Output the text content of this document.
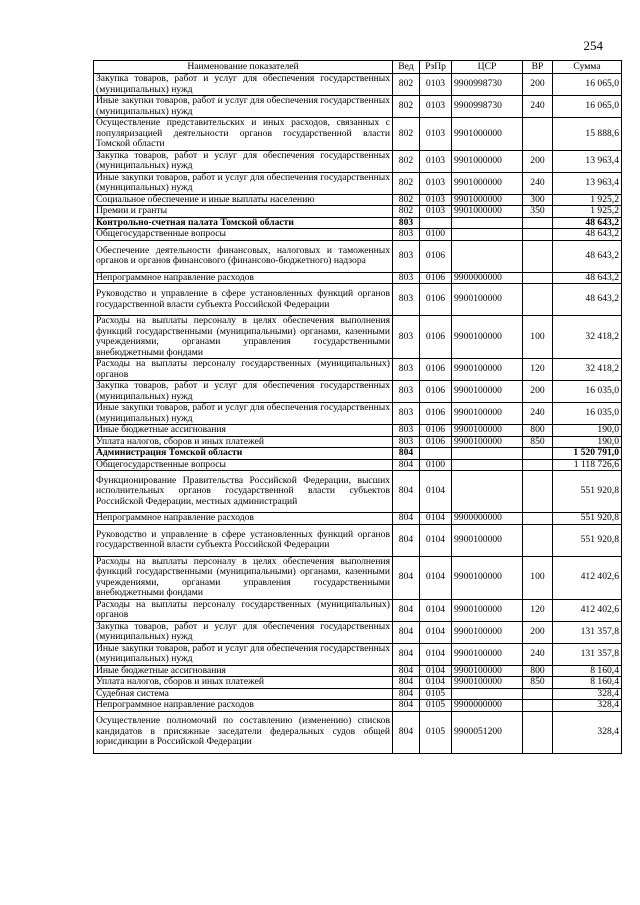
254
Наименование показателей	Вед	РзПр	ЦСР	ВР	Сумма
Закупка товаров, работ и услуг для обеспечения государственных (муниципальных) нужд	802	0103	9900998730	200	16 065,0
Иные закупки товаров, работ и услуг для обеспечения государственных (муниципальных) нужд	802	0103	9900998730	240	16 065,0
Осуществление представительских и иных расходов, связанных с популяризацией деятельности органов государственной власти Томской области	802	0103	9901000000		15 888,6
Закупка товаров, работ и услуг для обеспечения государственных (муниципальных) нужд	802	0103	9901000000	200	13 963,4
Иные закупки товаров, работ и услуг для обеспечения государственных (муниципальных) нужд	802	0103	9901000000	240	13 963,4
Социальное обеспечение и иные выплаты населению	802	0103	9901000000	300	1 925,2
Премии и гранты	802	0103	9901000000	350	1 925,2
Контрольно-счетная палата Томской области	803				48 643,2
Общегосударственные вопросы	803	0100			48 643,2
Обеспечение деятельности финансовых, налоговых и таможенных органов и органов финансового (финансово-бюджетного) надзора	803	0106			48 643,2
Непрограммное направление расходов	803	0106	9900000000		48 643,2
Руководство и управление в сфере установленных функций органов государственной власти субъекта Российской Федерации	803	0106	9900100000		48 643,2
Расходы на выплаты персоналу в целях обеспечения выполнения функций государственными (муниципальными) органами, казенными учреждениями, органами управления государственными внебюджетными фондами	803	0106	9900100000	100	32 418,2
Расходы на выплаты персоналу государственных (муниципальных) органов	803	0106	9900100000	120	32 418,2
Закупка товаров, работ и услуг для обеспечения государственных (муниципальных) нужд	803	0106	9900100000	200	16 035,0
Иные закупки товаров, работ и услуг для обеспечения государственных (муниципальных) нужд	803	0106	9900100000	240	16 035,0
Иные бюджетные ассигнования	803	0106	9900100000	800	190,0
Уплата налогов, сборов и иных платежей	803	0106	9900100000	850	190,0
Администрация Томской области	804				1 520 791,0
Общегосударственные вопросы	804	0100			1 118 726,6
Функционирование Правительства Российской Федерации, высших исполнительных органов государственной власти субъектов Российской Федерации, местных администраций	804	0104			551 920,8
Непрограммное направление расходов	804	0104	9900000000		551 920,8
Руководство и управление в сфере установленных функций органов государственной власти субъекта Российской Федерации	804	0104	9900100000		551 920,8
Расходы на выплаты персоналу в целях обеспечения выполнения функций государственными (муниципальными) органами, казенными учреждениями, органами управления государственными внебюджетными фондами	804	0104	9900100000	100	412 402,6
Расходы на выплаты персоналу государственных (муниципальных) органов	804	0104	9900100000	120	412 402,6
Закупка товаров, работ и услуг для обеспечения государственных (муниципальных) нужд	804	0104	9900100000	200	131 357,8
Иные закупки товаров, работ и услуг для обеспечения государственных (муниципальных) нужд	804	0104	9900100000	240	131 357,8
Иные бюджетные ассигнования	804	0104	9900100000	800	8 160,4
Уплата налогов, сборов и иных платежей	804	0104	9900100000	850	8 160,4
Судебная система	804	0105			328,4
Непрограммное направление расходов	804	0105	9900000000		328,4
Осуществление полномочий по составлению (изменению) списков кандидатов в присяжные заседатели федеральных судов общей юрисдикции в Российской Федерации	804	0105	9900051200		328,4
